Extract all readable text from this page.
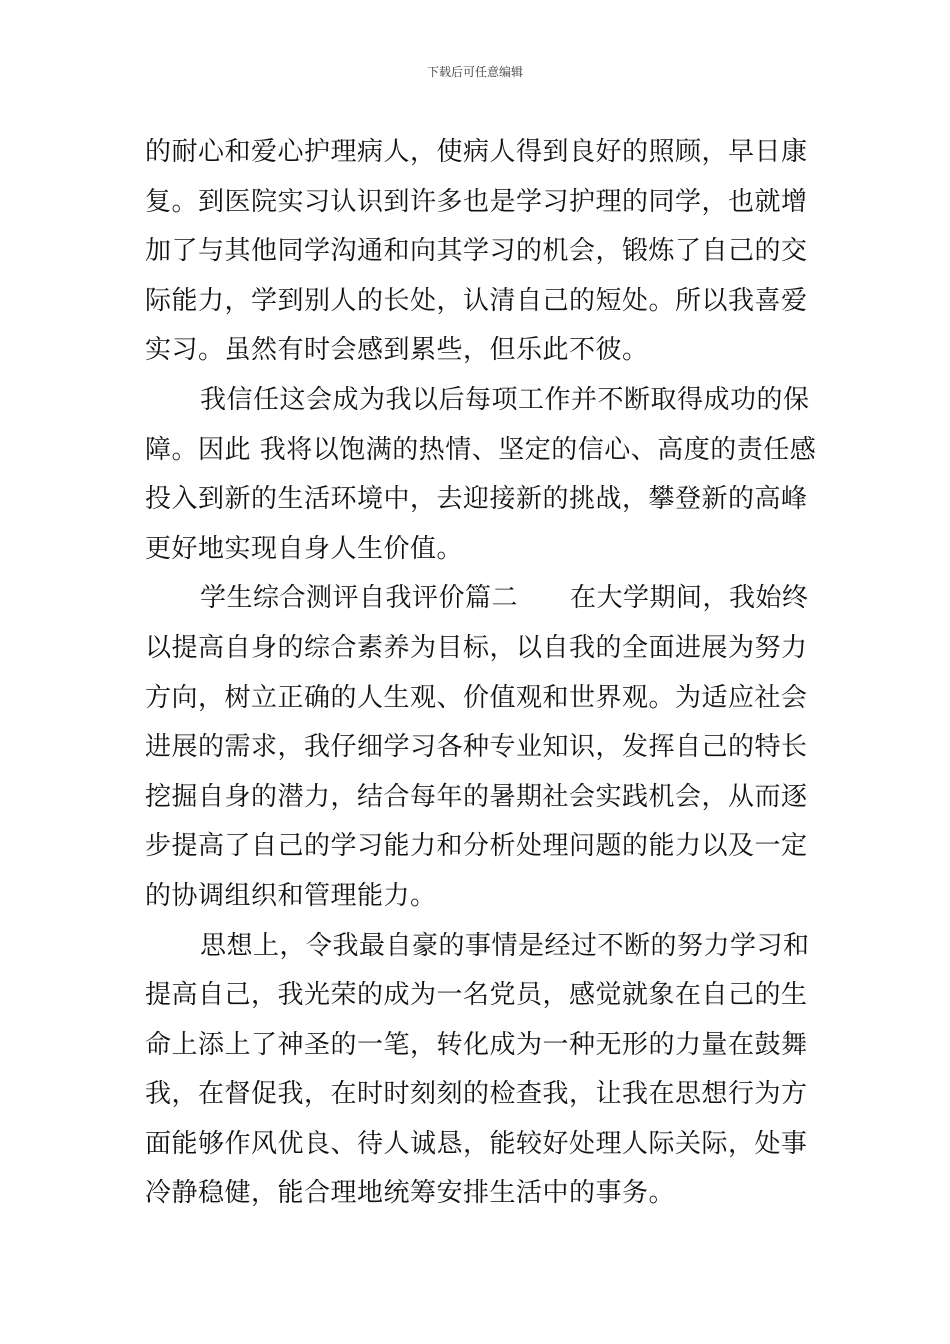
下载后可任意编辑

的耐心和爱心护理病人，使病人得到良好的照顾，早日康
复。到医院实习认识到许多也是学习护理的同学，也就增
加了与其他同学沟通和向其学习的机会，锻炼了自己的交
际能力，学到别人的长处，认清自己的短处。所以我喜爱
实习。虽然有时会感到累些，但乐此不彼。

我信任这会成为我以后每项工作并不断取得成功的保
障。因此 我将以饱满的热情、坚定的信心、高度的责任感
投入到新的生活环境中，去迎接新的挑战，攀登新的高峰
更好地实现自身人生价值。

学生综合测评自我评价篇二 在大学期间，我始终
以提高自身的综合素养为目标，以自我的全面进展为努力
方向，树立正确的人生观、价值观和世界观。为适应社会
进展的需求，我仔细学习各种专业知识，发挥自己的特长
挖掘自身的潜力，结合每年的暑期社会实践机会，从而逐
步提高了自己的学习能力和分析处理问题的能力以及一定
的协调组织和管理能力。

思想上，令我最自豪的事情是经过不断的努力学习和
提高自己，我光荣的成为一名党员，感觉就象在自己的生
命上添上了神圣的一笔，转化成为一种无形的力量在鼓舞
我，在督促我，在时时刻刻的检查我，让我在思想行为方
面能够作风优良、待人诚恳，能较好处理人际关际，处事
冷静稳健，能合理地统筹安排生活中的事务。
